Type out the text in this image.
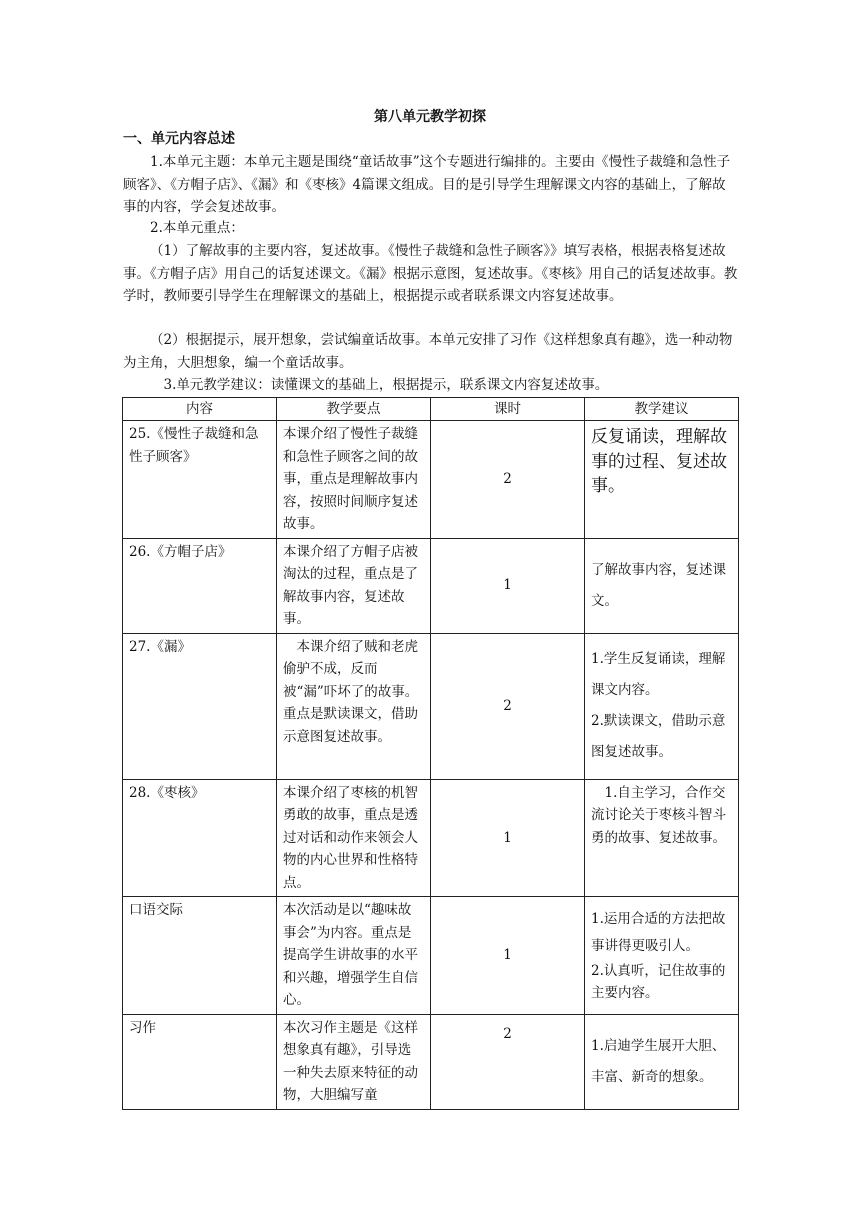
第八单元教学初探
一、单元内容总述
1.本单元主题：本单元主题是围绕“童话故事”这个专题进行编排的。主要由《慢性子裁缝和急性子顾客》、《方帽子店》、《漏》和《枣核》4篇课文组成。目的是引导学生理解课文内容的基础上，了解故事的内容，学会复述故事。
2.本单元重点：
（1）了解故事的主要内容，复述故事。《慢性子裁缝和急性子顾客》》填写表格，根据表格复述故事。《方帽子店》用自己的话复述课文。《漏》根据示意图，复述故事。《枣核》用自己的话复述故事。教学时，教师要引导学生在理解课文的基础上，根据提示或者联系课文内容复述故事。
（2）根据提示，展开想象，尝试编童话故事。本单元安排了习作《这样想象真有趣》，选一种动物为主角，大胆想象，编一个童话故事。
3.单元教学建议：读懂课文的基础上，根据提示，联系课文内容复述故事。
内容	教学要点	课时	教学建议
25.《慢性子裁缝和急性子顾客》	本课介绍了慢性子裁缝和急性子顾客之间的故事，重点是理解故事内容，按照时间顺序复述故事。	2	反复诵读，理解故事的过程、复述故事。
26.《方帽子店》	本课介绍了方帽子店被淘汰的过程，重点是了解故事内容，复述故事。	1	了解故事内容，复述课文。
27.《漏》	本课介绍了贼和老虎偷驴不成，反而被“漏”吓坏了的故事。重点是默读课文，借助示意图复述故事。	2	1.学生反复诵读，理解课文内容。
2.默读课文，借助示意图复述故事。

28.《枣核》	本课介绍了枣核的机智勇敢的故事，重点是透过对话和动作来领会人物的内心世界和性格特点。	1	1.自主学习，合作交流讨论关于枣核斗智斗勇的故事、复述故事。
口语交际	本次活动是以“趣味故事会”为内容。重点是提高学生讲故事的水平和兴趣，增强学生自信心。	1	1.运用合适的方法把故事讲得更吸引人。
2.认真听，记住故事的主要内容。

习作	本次习作主题是《这样想象真有趣》，引导选一种失去原来特征的动物，大胆编写童	2	1.启迪学生展开大胆、丰富、新奇的想象。
